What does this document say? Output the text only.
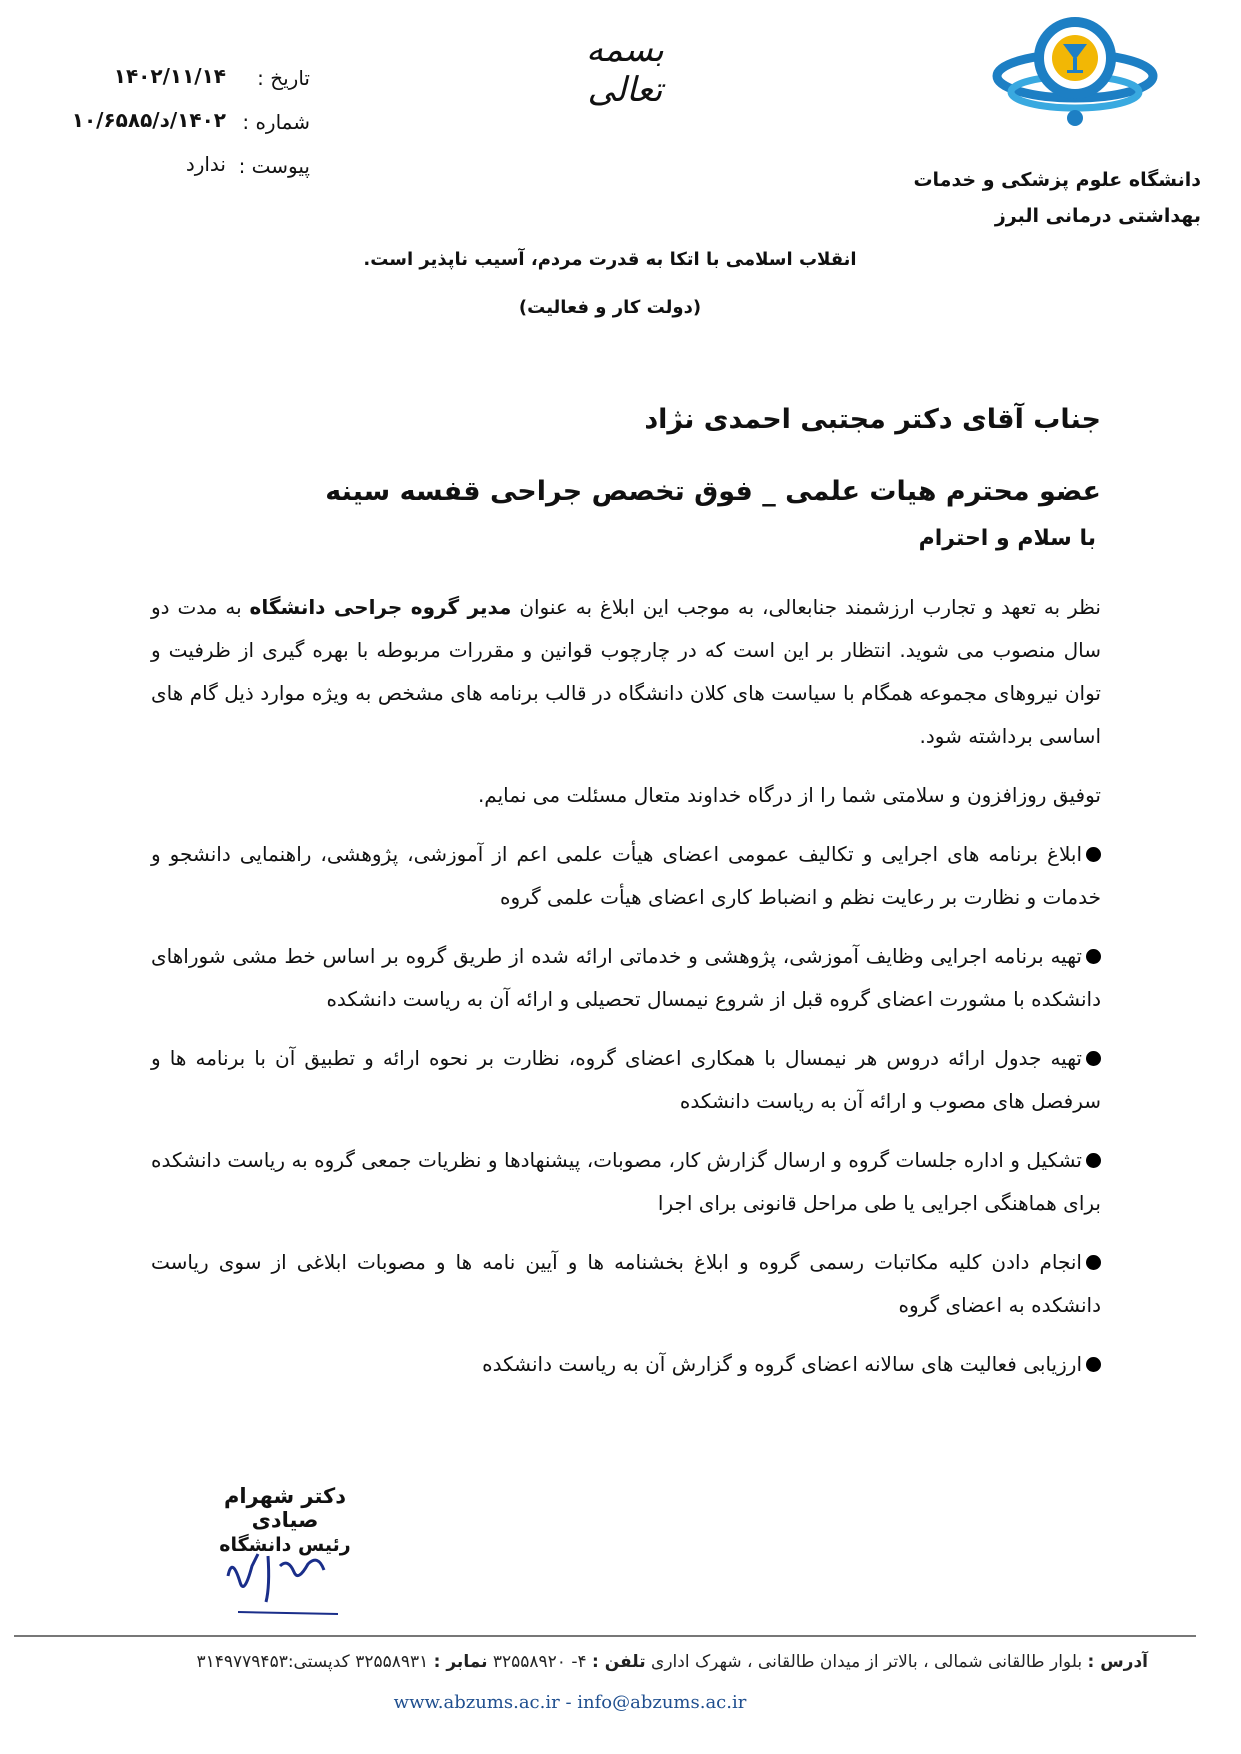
دانشگاه علوم پزشکی و خدمات
بهداشتی درمانی البرز
بسمه تعالی
تاریخ :
۱۴۰۲/۱۱/۱۴
شماره :
۱۴۰۲/د/۱۰/۶۵۸۵
پیوست :
ندارد
انقلاب اسلامی با اتکا به قدرت مردم، آسیب ناپذیر است.
(دولت کار و فعالیت)
جناب آقای دکتر مجتبی احمدی نژاد
عضو محترم هیات علمی _ فوق تخصص جراحی قفسه سینه
با سلام و احترام

نظر به تعهد و تجارب ارزشمند جنابعالی، به موجب این ابلاغ به عنوان مدیر گروه جراحی دانشگاه به مدت دو سال منصوب می شوید. انتظار بر این است که در چارچوب قوانین و مقررات مربوطه با بهره گیری از ظرفیت و توان نیروهای مجموعه همگام با سیاست های کلان دانشگاه در قالب برنامه های مشخص به ویژه موارد ذیل گام های اساسی برداشته شود.

توفیق روزافزون و سلامتی شما را از درگاه خداوند متعال مسئلت می نمایم.

ابلاغ برنامه های اجرایی و تکالیف عمومی اعضای هیأت علمی اعم از آموزشی، پژوهشی، راهنمایی دانشجو و خدمات و نظارت بر رعایت نظم و انضباط کاری اعضای هیأت علمی گروه

تهیه برنامه اجرایی وظایف آموزشی، پژوهشی و خدماتی ارائه شده از طریق گروه بر اساس خط مشی شوراهای دانشکده با مشورت اعضای گروه قبل از شروع نیمسال تحصیلی و ارائه آن به ریاست دانشکده

تهیه جدول ارائه دروس هر نیمسال با همکاری اعضای گروه، نظارت بر نحوه ارائه و تطبیق آن با برنامه ها و سرفصل های مصوب و ارائه آن به ریاست دانشکده

تشکیل و اداره جلسات گروه و ارسال گزارش کار، مصوبات، پیشنهادها و نظریات جمعی گروه به ریاست دانشکده برای هماهنگی اجرایی یا طی مراحل قانونی برای اجرا

انجام دادن کلیه مکاتبات رسمی گروه و ابلاغ بخشنامه ها و آیین نامه ها و مصوبات ابلاغی از سوی ریاست دانشکده به اعضای گروه

ارزیابی فعالیت های سالانه اعضای گروه و گزارش آن به ریاست دانشکده

دکتر شهرام صیادی
رئیس دانشگاه
آدرس : بلوار طالقانی شمالی ، بالاتر از میدان طالقانی ، شهرک اداری تلفن : ۴- ۳۲۵۵۸۹۲۰ نمابر : ۳۲۵۵۸۹۳۱ کدپستی:۳۱۴۹۷۷۹۴۵۳
www.abzums.ac.ir - info@abzums.ac.ir
